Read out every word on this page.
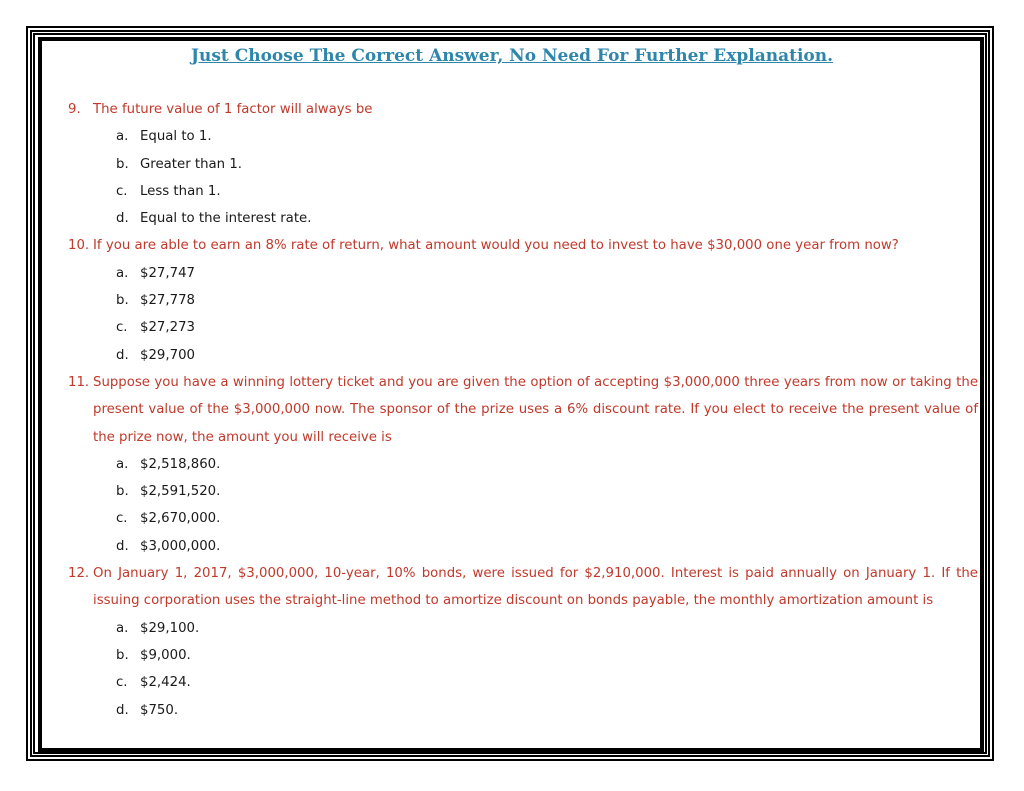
Just Choose The Correct Answer, No Need For Further Explanation.
9. The future value of 1 factor will always be
a. Equal to 1.
b. Greater than 1.
c. Less than 1.
d. Equal to the interest rate.
10. If you are able to earn an 8% rate of return, what amount would you need to invest to have $30,000 one year from now?
a. $27,747
b. $27,778
c. $27,273
d. $29,700
11. Suppose you have a winning lottery ticket and you are given the option of accepting $3,000,000 three years from now or taking the present value of the $3,000,000 now. The sponsor of the prize uses a 6% discount rate. If you elect to receive the present value of the prize now, the amount you will receive is
a. $2,518,860.
b. $2,591,520.
c. $2,670,000.
d. $3,000,000.
12. On January 1, 2017, $3,000,000, 10-year, 10% bonds, were issued for $2,910,000. Interest is paid annually on January 1. If the issuing corporation uses the straight-line method to amortize discount on bonds payable, the monthly amortization amount is
a. $29,100.
b. $9,000.
c. $2,424.
d. $750.
